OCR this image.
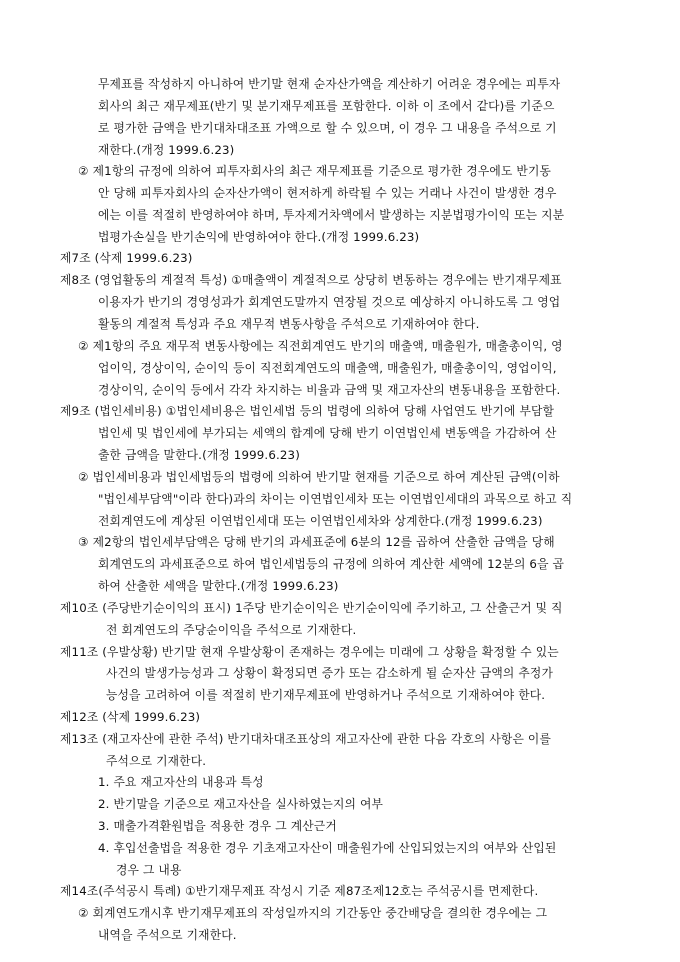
무제표를 작성하지 아니하여 반기말 현재 순자산가액을 계산하기 어려운 경우에는 피투자
회사의 최근 재무제표(반기 및 분기재무제표를 포함한다. 이하 이 조에서 같다)를 기준으
로 평가한 금액을 반기대차대조표 가액으로 할 수 있으며, 이 경우 그 내용을 주석으로 기
재한다.(개정 1999.6.23)
② 제1항의 규정에 의하여 피투자회사의 최근 재무제표를 기준으로 평가한 경우에도 반기동
안 당해 피투자회사의 순자산가액이 현저하게 하락될 수 있는 거래나 사건이 발생한 경우
에는 이를 적절히 반영하여야 하며, 투자제거차액에서 발생하는 지분법평가이익 또는 지분
법평가손실을 반기손익에 반영하여야 한다.(개정 1999.6.23)
제7조 (삭제 1999.6.23)
제8조 (영업활동의 계절적 특성) ①매출액이 계절적으로 상당히 변동하는 경우에는 반기재무제표
이용자가 반기의 경영성과가 회계연도말까지 연장될 것으로 예상하지 아니하도록 그 영업
활동의 계절적 특성과 주요 재무적 변동사항을 주석으로 기재하여야 한다.
② 제1항의 주요 재무적 변동사항에는 직전회계연도 반기의 매출액, 매출원가, 매출총이익, 영
업이익, 경상이익, 순이익 등이 직전회계연도의 매출액, 매출원가, 매출총이익, 영업이익,
경상이익, 순이익 등에서 각각 차지하는 비율과 금액 및 재고자산의 변동내용을 포함한다.
제9조 (법인세비용) ①법인세비용은 법인세법 등의 법령에 의하여 당해 사업연도 반기에 부담할
법인세 및 법인세에 부가되는 세액의 합계에 당해 반기 이연법인세 변동액을 가감하여 산
출한 금액을 말한다.(개정 1999.6.23)
② 법인세비용과 법인세법등의 법령에 의하여 반기말 현재를 기준으로 하여 계산된 금액(이하
"법인세부담액"이라 한다)과의 차이는 이연법인세차 또는 이연법인세대의 과목으로 하고 직
전회계연도에 계상된 이연법인세대 또는 이연법인세차와 상계한다.(개정 1999.6.23)
③ 제2항의 법인세부담액은 당해 반기의 과세표준에 6분의 12를 곱하여 산출한 금액을 당해
회계연도의 과세표준으로 하여 법인세법등의 규정에 의하여 계산한 세액에 12분의 6을 곱
하여 산출한 세액을 말한다.(개정 1999.6.23)
제10조 (주당반기순이익의 표시) 1주당 반기순이익은 반기순이익에 주기하고, 그 산출근거 및 직
전 회계연도의 주당순이익을 주석으로 기재한다.
제11조 (우발상황) 반기말 현재 우발상황이 존재하는 경우에는 미래에 그 상황을 확정할 수 있는
사건의 발생가능성과 그 상황이 확정되면 증가 또는 감소하게 될 순자산 금액의 추정가
능성을 고려하여 이를 적절히 반기재무제표에 반영하거나 주석으로 기재하여야 한다.
제12조 (삭제 1999.6.23)
제13조 (재고자산에 관한 주석) 반기대차대조표상의 재고자산에 관한 다음 각호의 사항은 이를
주석으로 기재한다.
1. 주요 재고자산의 내용과 특성
2. 반기말을 기준으로 재고자산을 실사하였는지의 여부
3. 매출가격환원법을 적용한 경우 그 계산근거
4. 후입선출법을 적용한 경우 기초재고자산이 매출원가에 산입되었는지의 여부와 산입된
경우 그 내용
제14조(주석공시 특례) ①반기재무제표 작성시 기준 제87조제12호는 주석공시를 면제한다.
② 회계연도개시후 반기재무제표의 작성일까지의 기간동안 중간배당을 결의한 경우에는 그
내역을 주석으로 기재한다.
